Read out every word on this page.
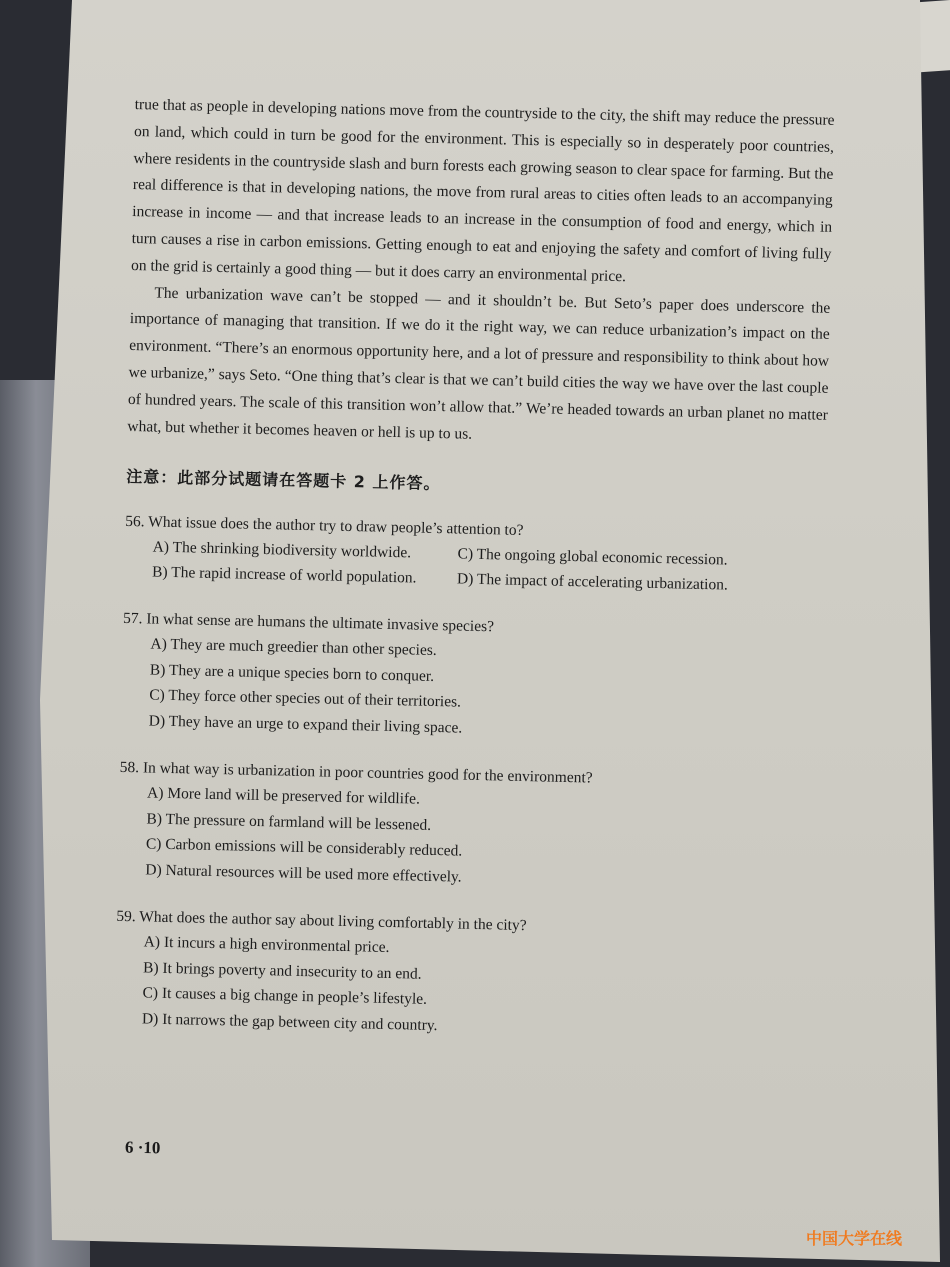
true that as people in developing nations move from the countryside to the city, the shift may reduce the pressure on land, which could in turn be good for the environment. This is especially so in desperately poor countries, where residents in the countryside slash and burn forests each growing season to clear space for farming. But the real difference is that in developing nations, the move from rural areas to cities often leads to an accompanying increase in income — and that increase leads to an increase in the consumption of food and energy, which in turn causes a rise in carbon emissions. Getting enough to eat and enjoying the safety and comfort of living fully on the grid is certainly a good thing — but it does carry an environmental price.

The urbanization wave can’t be stopped — and it shouldn’t be. But Seto’s paper does underscore the importance of managing that transition. If we do it the right way, we can reduce urbanization’s impact on the environment. “There’s an enormous opportunity here, and a lot of pressure and responsibility to think about how we urbanize,” says Seto. “One thing that’s clear is that we can’t build cities the way we have over the last couple of hundred years. The scale of this transition won’t allow that.” We’re headed towards an urban planet no matter what, but whether it becomes heaven or hell is up to us.

注意：此部分试题请在答题卡 2 上作答。
56. What issue does the author try to draw people’s attention to?
A) The shrinking biodiversity worldwide.	C) The ongoing global economic recession.
B) The rapid increase of world population.	D) The impact of accelerating urbanization.
57. In what sense are humans the ultimate invasive species?
A) They are much greedier than other species.
B) They are a unique species born to conquer.
C) They force other species out of their territories.
D) They have an urge to expand their living space.
58. In what way is urbanization in poor countries good for the environment?
A) More land will be preserved for wildlife.
B) The pressure on farmland will be lessened.
C) Carbon emissions will be considerably reduced.
D) Natural resources will be used more effectively.
59. What does the author say about living comfortably in the city?
A) It incurs a high environmental price.
B) It brings poverty and insecurity to an end.
C) It causes a big change in people’s lifestyle.
D) It narrows the gap between city and country.
6 ·10
中国大学在线
